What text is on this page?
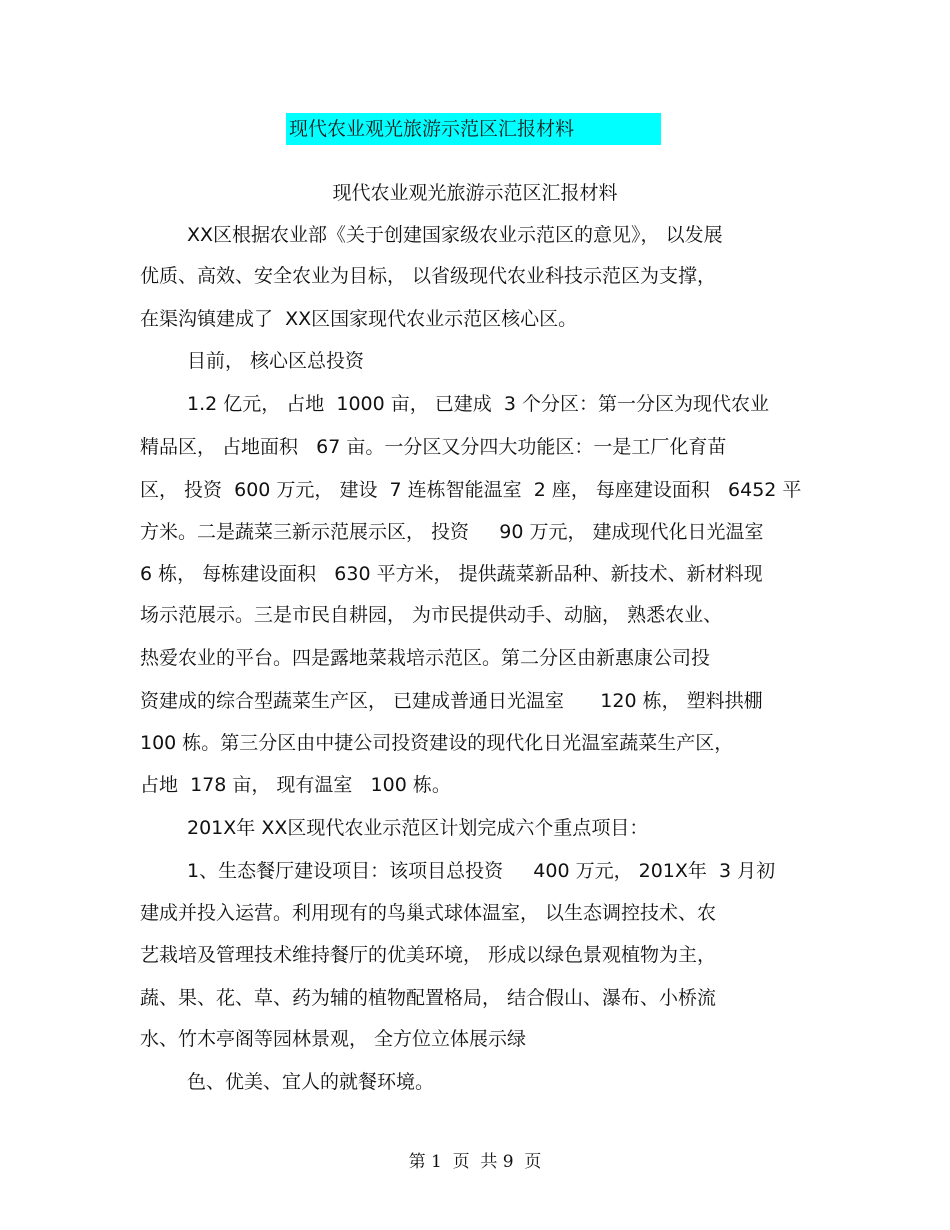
现代农业观光旅游示范区汇报材料
现代农业观光旅游示范区汇报材料
XX区根据农业部《关于创建国家级农业示范区的意见》， 以发展
优质、高效、安全农业为目标， 以省级现代农业科技示范区为支撑，
在渠沟镇建成了  XX区国家现代农业示范区核心区。
目前， 核心区总投资
1.2 亿元， 占地  1000 亩， 已建成  3 个分区：第一分区为现代农业
精品区， 占地面积   67 亩。一分区又分四大功能区：一是工厂化育苗
区， 投资  600 万元， 建设  7 连栋智能温室  2 座， 每座建设面积   6452 平
方米。二是蔬菜三新示范展示区， 投资     90 万元， 建成现代化日光温室
6 栋， 每栋建设面积   630 平方米， 提供蔬菜新品种、新技术、新材料现
场示范展示。三是市民自耕园， 为市民提供动手、动脑， 熟悉农业、
热爱农业的平台。四是露地菜栽培示范区。第二分区由新惠康公司投
资建成的综合型蔬菜生产区， 已建成普通日光温室      120 栋， 塑料拱棚
100 栋。第三分区由中捷公司投资建设的现代化日光温室蔬菜生产区，
占地  178 亩， 现有温室   100 栋。
201X年 XX区现代农业示范区计划完成六个重点项目：
1、生态餐厅建设项目：该项目总投资     400 万元， 201X年  3 月初
建成并投入运营。利用现有的鸟巢式球体温室， 以生态调控技术、农
艺栽培及管理技术维持餐厅的优美环境， 形成以绿色景观植物为主，
蔬、果、花、草、药为辅的植物配置格局， 结合假山、瀑布、小桥流
水、竹木亭阁等园林景观， 全方位立体展示绿
色、优美、宜人的就餐环境。
第 1  页  共 9  页
